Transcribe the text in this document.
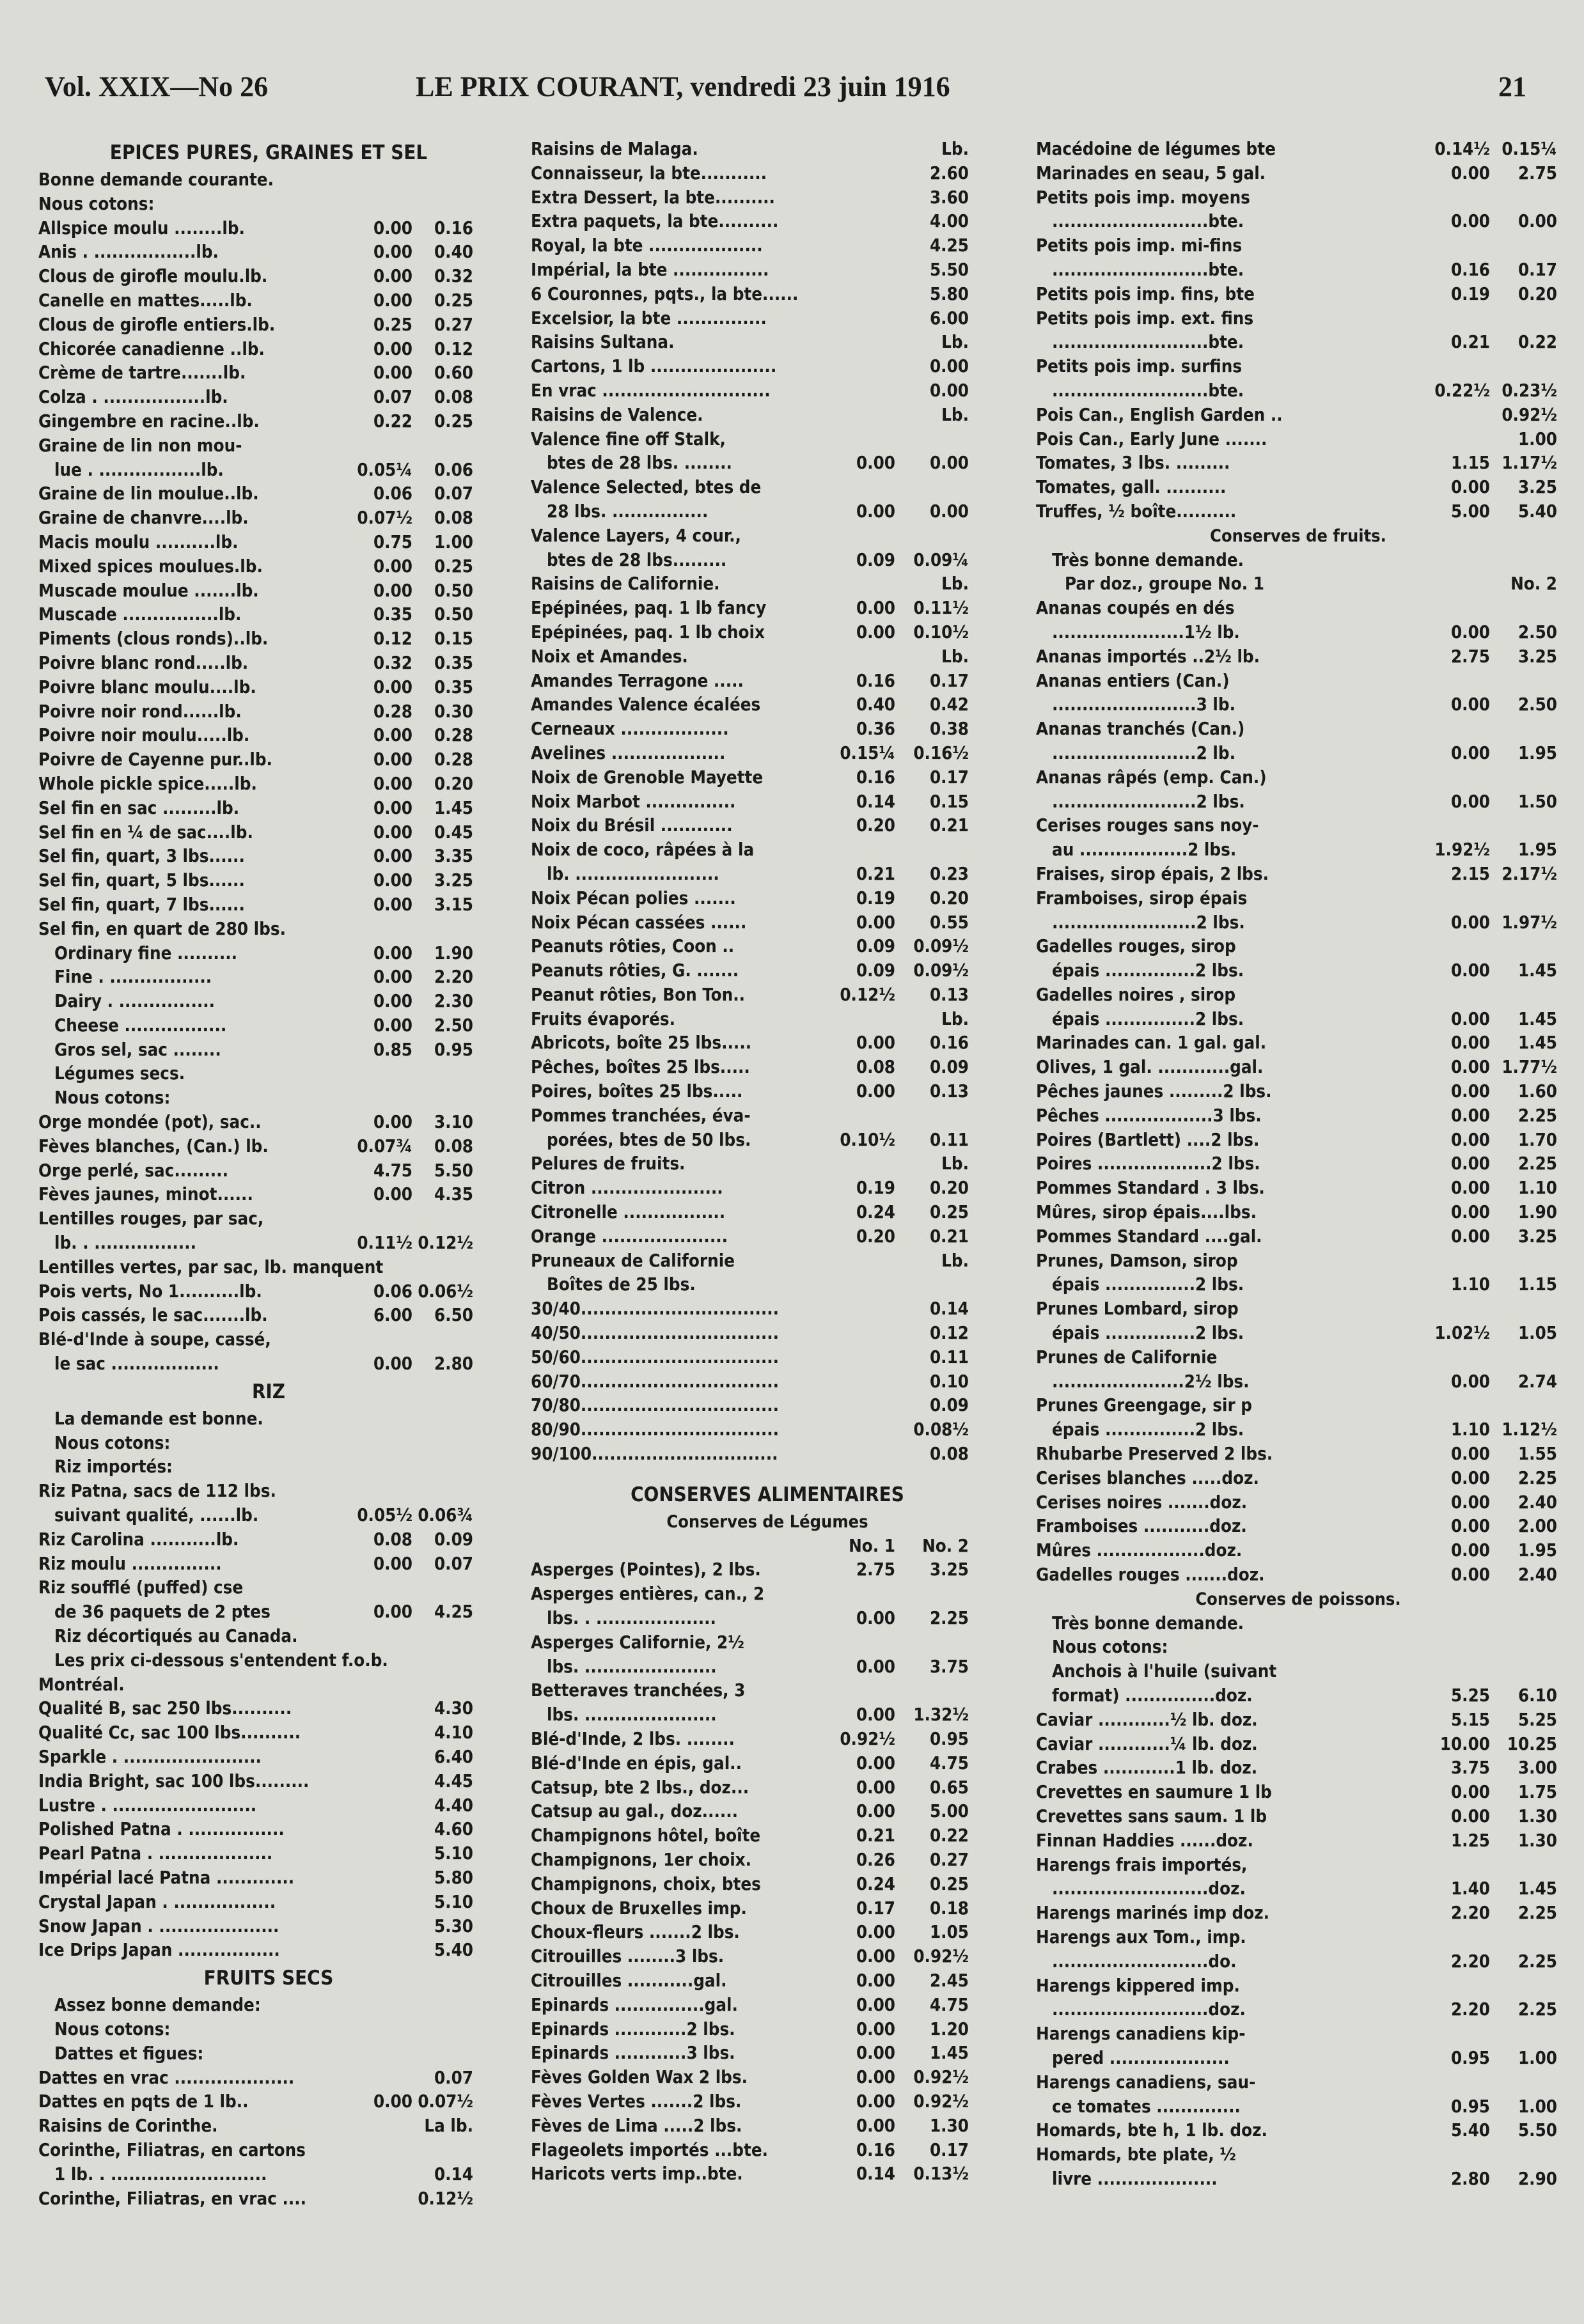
Vol. XXIX—No 26	LE PRIX COURANT, vendredi 23 juin 1916	21
EPICES PURES, GRAINES ET SEL
Bonne demande courante.
Nous cotons:
Allspice moulu ........lb.	0.00 0.16
Anis . .................lb.	0.00 0.40
Clous de girofle moulu.lb.	0.00 0.32
Canelle en mattes.....lb.	0.00 0.25
Clous de girofle entiers.lb.	0.25 0.27
Chicorée canadienne ..lb.	0.00 0.12
Crème de tartre.......lb.	0.00 0.60
Colza . .................lb.	0.07 0.08
Gingembre en racine..lb.	0.22 0.25
Graine de lin non mou-
lue . .................lb.	0.05¼ 0.06
Graine de lin moulue..lb.	0.06 0.07
Graine de chanvre....lb.	0.07½ 0.08
Macis moulu ..........lb.	0.75 1.00
Mixed spices moulues.lb.	0.00 0.25
Muscade moulue .......lb.	0.00 0.50
Muscade ................lb.	0.35 0.50
Piments (clous ronds)..lb.	0.12 0.15
Poivre blanc rond.....lb.	0.32 0.35
Poivre blanc moulu....lb.	0.00 0.35
Poivre noir rond......lb.	0.28 0.30
Poivre noir moulu.....lb.	0.00 0.28
Poivre de Cayenne pur..lb.	0.00 0.28
Whole pickle spice.....lb.	0.00 0.20
Sel fin en sac .........lb.	0.00 1.45
Sel fin en ¼ de sac....lb.	0.00 0.45
Sel fin, quart, 3 lbs......	0.00 3.35
Sel fin, quart, 5 lbs......	0.00 3.25
Sel fin, quart, 7 lbs......	0.00 3.15
Sel fin, en quart de 280 lbs.
Ordinary fine ..........	0.00 1.90
Fine . .................	0.00 2.20
Dairy . ................	0.00 2.30
Cheese .................	0.00 2.50
Gros sel, sac ........	0.85 0.95
Légumes secs.
Nous cotons:
Orge mondée (pot), sac..	0.00 3.10
Fèves blanches, (Can.) lb.	0.07¾ 0.08
Orge perlé, sac.........	4.75 5.50
Fèves jaunes, minot......	0.00 4.35
Lentilles rouges, par sac,
lb. . .................	0.11½ 0.12½
Lentilles vertes, par sac, lb. manquent
Pois verts, No 1..........lb.	0.06 0.06½
Pois cassés, le sac.......lb.	6.00 6.50
Blé-d'Inde à soupe, cassé,
le sac ..................	0.00 2.80
RIZ
La demande est bonne.
Nous cotons:
Riz importés:
Riz Patna, sacs de 112 lbs.
suivant qualité, ......lb.	0.05½ 0.06¾
Riz Carolina ...........lb.	0.08 0.09
Riz moulu ...............	0.00 0.07
Riz soufflé (puffed) cse
de 36 paquets de 2 ptes	0.00 4.25
Riz décortiqués au Canada.
Les prix ci-dessous s'entendent f.o.b.
Montréal.
Qualité B, sac 250 lbs..........	4.30
Qualité Cc, sac 100 lbs..........	4.10
Sparkle . .......................	6.40
India Bright, sac 100 lbs.........	4.45
Lustre . ........................	4.40
Polished Patna . ................	4.60
Pearl Patna . ...................	5.10
Impérial lacé Patna .............	5.80
Crystal Japan . .................	5.10
Snow Japan . ....................	5.30
Ice Drips Japan .................	5.40
FRUITS SECS
Assez bonne demande:
Nous cotons:
Dattes et figues:
Dattes en vrac ....................	0.07
Dattes en pqts de 1 lb..	0.00 0.07½
Raisins de Corinthe.	La lb.
Corinthe, Filiatras, en cartons
1 lb. . ..........................	0.14
Corinthe, Filiatras, en vrac ....	0.12½
Raisins de Malaga.	Lb.
Connaisseur, la bte...........	2.60
Extra Dessert, la bte..........	3.60
Extra paquets, la bte..........	4.00
Royal, la bte ...................	4.25
Impérial, la bte ................	5.50
6 Couronnes, pqts., la bte......	5.80
Excelsior, la bte ...............	6.00
Raisins Sultana.	Lb.
Cartons, 1 lb .....................	0.00
En vrac ............................	0.00
Raisins de Valence.	Lb.
Valence fine off Stalk,
btes de 28 lbs. ........	0.00 0.00
Valence Selected, btes de
28 lbs. ................	0.00 0.00
Valence Layers, 4 cour.,
btes de 28 lbs.........	0.09 0.09¼
Raisins de Californie.	Lb.
Epépinées, paq. 1 lb fancy	0.00 0.11½
Epépinées, paq. 1 lb choix	0.00 0.10½
Noix et Amandes.	Lb.
Amandes Terragone .....	0.16 0.17
Amandes Valence écalées	0.40 0.42
Cerneaux ..................	0.36 0.38
Avelines ...................	0.15¼ 0.16½
Noix de Grenoble Mayette	0.16 0.17
Noix Marbot ...............	0.14 0.15
Noix du Brésil ............	0.20 0.21
Noix de coco, râpées à la
lb. ........................	0.21 0.23
Noix Pécan polies .......	0.19 0.20
Noix Pécan cassées ......	0.00 0.55
Peanuts rôties, Coon ..	0.09 0.09½
Peanuts rôties, G. .......	0.09 0.09½
Peanut rôties, Bon Ton..	0.12½ 0.13
Fruits évaporés.	Lb.
Abricots, boîte 25 lbs.....	0.00 0.16
Pêches, boîtes 25 lbs.....	0.08 0.09
Poires, boîtes 25 lbs.....	0.00 0.13
Pommes tranchées, éva-
porées, btes de 50 lbs.	0.10½ 0.11
Pelures de fruits.	Lb.
Citron ......................	0.19 0.20
Citronelle .................	0.24 0.25
Orange .....................	0.20 0.21
Pruneaux de Californie	Lb.
Boîtes de 25 lbs.
30/40.................................	0.14
40/50.................................	0.12
50/60.................................	0.11
60/70.................................	0.10
70/80.................................	0.09
80/90.................................	0.08½
90/100...............................	0.08
CONSERVES ALIMENTAIRES
Conserves de Légumes
No. 1 No. 2
Asperges (Pointes), 2 lbs.	2.75 3.25
Asperges entières, can., 2
lbs. . ....................	0.00 2.25
Asperges Californie, 2½
lbs. ......................	0.00 3.75
Betteraves tranchées, 3
lbs. ......................	0.00 1.32½
Blé-d'Inde, 2 lbs. ........	0.92½ 0.95
Blé-d'Inde en épis, gal..	0.00 4.75
Catsup, bte 2 lbs., doz...	0.00 0.65
Catsup au gal., doz......	0.00 5.00
Champignons hôtel, boîte	0.21 0.22
Champignons, 1er choix.	0.26 0.27
Champignons, choix, btes	0.24 0.25
Choux de Bruxelles imp.	0.17 0.18
Choux-fleurs .......2 lbs.	0.00 1.05
Citrouilles ........3 lbs.	0.00 0.92½
Citrouilles ...........gal.	0.00 2.45
Epinards ...............gal.	0.00 4.75
Epinards ............2 lbs.	0.00 1.20
Epinards ............3 lbs.	0.00 1.45
Fèves Golden Wax 2 lbs.	0.00 0.92½
Fèves Vertes .......2 lbs.	0.00 0.92½
Fèves de Lima .....2 lbs.	0.00 1.30
Flageolets importés ...bte.	0.16 0.17
Haricots verts imp..bte.	0.14 0.13½
Macédoine de légumes bte	0.14½ 0.15¼
Marinades en seau, 5 gal.	0.00 2.75
Petits pois imp. moyens
..........................bte.	0.00 0.00
Petits pois imp. mi-fins
..........................bte.	0.16 0.17
Petits pois imp. fins, bte	0.19 0.20
Petits pois imp. ext. fins
..........................bte.	0.21 0.22
Petits pois imp. surfins
..........................bte.	0.22½ 0.23½
Pois Can., English Garden ..	0.92½
Pois Can., Early June .......	1.00
Tomates, 3 lbs. .........	1.15 1.17½
Tomates, gall. ..........	0.00 3.25
Truffes, ½ boîte..........	5.00 5.40
Conserves de fruits.
Très bonne demande.
Par doz., groupe No. 1	No. 2
Ananas coupés en dés
......................1½ lb.	0.00 2.50
Ananas importés ..2½ lb.	2.75 3.25
Ananas entiers (Can.)
........................3 lb.	0.00 2.50
Ananas tranchés (Can.)
........................2 lb.	0.00 1.95
Ananas râpés (emp. Can.)
........................2 lbs.	0.00 1.50
Cerises rouges sans noy-
au ..................2 lbs.	1.92½ 1.95
Fraises, sirop épais, 2 lbs.	2.15 2.17½
Framboises, sirop épais
........................2 lbs.	0.00 1.97½
Gadelles rouges, sirop
épais ...............2 lbs.	0.00 1.45
Gadelles noires , sirop
épais ...............2 lbs.	0.00 1.45
Marinades can. 1 gal. gal.	0.00 1.45
Olives, 1 gal. ............gal.	0.00 1.77½
Pêches jaunes .........2 lbs.	0.00 1.60
Pêches ..................3 lbs.	0.00 2.25
Poires (Bartlett) ....2 lbs.	0.00 1.70
Poires ...................2 lbs.	0.00 2.25
Pommes Standard . 3 lbs.	0.00 1.10
Mûres, sirop épais....lbs.	0.00 1.90
Pommes Standard ....gal.	0.00 3.25
Prunes, Damson, sirop
épais ...............2 lbs.	1.10 1.15
Prunes Lombard, sirop
épais ...............2 lbs.	1.02½ 1.05
Prunes de Californie
......................2½ lbs.	0.00 2.74
Prunes Greengage, sir p
épais ...............2 lbs.	1.10 1.12½
Rhubarbe Preserved 2 lbs.	0.00 1.55
Cerises blanches .....doz.	0.00 2.25
Cerises noires .......doz.	0.00 2.40
Framboises ...........doz.	0.00 2.00
Mûres ..................doz.	0.00 1.95
Gadelles rouges .......doz.	0.00 2.40
Conserves de poissons.
Très bonne demande.
Nous cotons:
Anchois à l'huile (suivant
format) ...............doz.	5.25 6.10
Caviar ............½ lb. doz.	5.15 5.25
Caviar ............¼ lb. doz.	10.00 10.25
Crabes ............1 lb. doz.	3.75 3.00
Crevettes en saumure 1 lb	0.00 1.75
Crevettes sans saum. 1 lb	0.00 1.30
Finnan Haddies ......doz.	1.25 1.30
Harengs frais importés,
..........................doz.	1.40 1.45
Harengs marinés imp doz.	2.20 2.25
Harengs aux Tom., imp.
..........................do.	2.20 2.25
Harengs kippered imp.
..........................doz.	2.20 2.25
Harengs canadiens kip-
pered ....................	0.95 1.00
Harengs canadiens, sau-
ce tomates ..............	0.95 1.00
Homards, bte h, 1 lb. doz.	5.40 5.50
Homards, bte plate, ½
livre ....................	2.80 2.90
